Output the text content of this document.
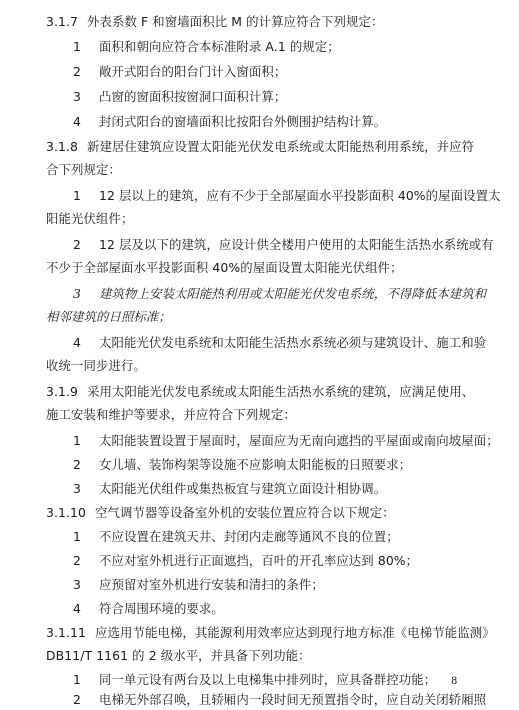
3.1.7 外表系数 F 和窗墙面积比 M 的计算应符合下列规定：
1 面积和朝向应符合本标准附录 A.1 的规定；
2 敞开式阳台的阳台门计入窗面积；
3 凸窗的窗面积按窗洞口面积计算；
4 封闭式阳台的窗墙面积比按阳台外侧围护结构计算。
3.1.8 新建居住建筑应设置太阳能光伏发电系统或太阳能热利用系统，并应符
合下列规定：
1 12 层以上的建筑，应有不少于全部屋面水平投影面积 40%的屋面设置太
阳能光伏组件；
2 12 层及以下的建筑，应设计供全楼用户使用的太阳能生活热水系统或有
不少于全部屋面水平投影面积 40%的屋面设置太阳能光伏组件；
3 建筑物上安装太阳能热利用或太阳能光伏发电系统，不得降低本建筑和
相邻建筑的日照标准；
4 太阳能光伏发电系统和太阳能生活热水系统必须与建筑设计、施工和验
收统一同步进行。
3.1.9 采用太阳能光伏发电系统或太阳能生活热水系统的建筑，应满足使用、
施工安装和维护等要求，并应符合下列规定：
1 太阳能装置设置于屋面时，屋面应为无南向遮挡的平屋面或南向坡屋面；
2 女儿墙、装饰构架等设施不应影响太阳能板的日照要求；
3 太阳能光伏组件或集热板宜与建筑立面设计相协调。
3.1.10 空气调节器等设备室外机的安装位置应符合以下规定：
1 不应设置在建筑天井、封闭内走廊等通风不良的位置；
2 不应对室外机进行正面遮挡，百叶的开孔率应达到 80%；
3 应预留对室外机进行安装和清扫的条件；
4 符合周围环境的要求。
3.1.11 应选用节能电梯，其能源利用效率应达到现行地方标准《电梯节能监测》
8
DB11/T 1161 的 2 级水平，并具备下列功能：
1 同一单元设有两台及以上电梯集中排列时，应具备群控功能；
2 电梯无外部召唤，且轿厢内一段时间无预置指令时，应自动关闭轿厢照
